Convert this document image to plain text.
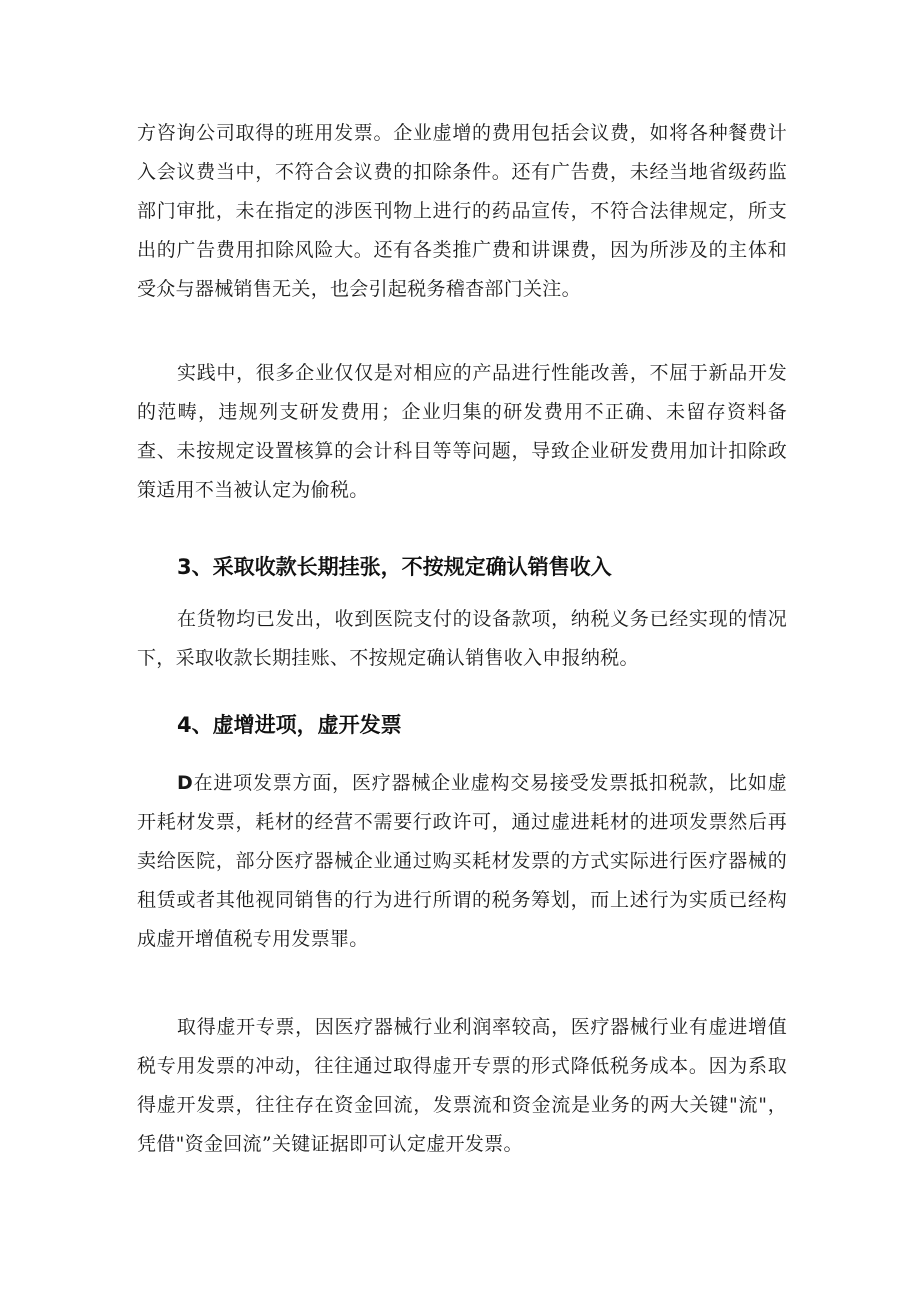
方咨询公司取得的班用发票。企业虚增的费用包括会议费，如将各种餐费计入会议费当中，不符合会议费的扣除条件。还有广告费，未经当地省级药监部门审批，未在指定的涉医刊物上进行的药品宣传，不符合法律规定，所支出的广告费用扣除风险大。还有各类推广费和讲课费，因为所涉及的主体和受众与器械销售无关，也会引起税务稽杳部门关注。

实践中，很多企业仅仅是对相应的产品进行性能改善，不屈于新品开发的范畴，违规列支研发费用；企业归集的研发费用不正确、未留存资料备查、未按规定设置核算的会计科目等等问题，导致企业研发费用加计扣除政策适用不当被认定为偷税。

3、采取收款长期挂张，不按规定确认销售收入

在货物均已发出，收到医院支付的设备款项，纳税义务已经实现的情况下，采取收款长期挂账、不按规定确认销售收入申报纳税。

4、虚增进项，虚开发票

D在进项发票方面，医疗器械企业虚构交易接受发票抵扣税款，比如虚开耗材发票，耗材的经营不需要行政许可，通过虚进耗材的进项发票然后再卖给医院，部分医疗器械企业通过购买耗材发票的方式实际进行医疗器械的租赁或者其他视同销售的行为进行所谓的税务筹划，而上述行为实质已经构成虚开增值税专用发票罪。

取得虚开专票，因医疗器械行业利润率较高，医疗器械行业有虚进增值税专用发票的冲动，往往通过取得虚开专票的形式降低税务成本。因为系取得虚开发票，往往存在资金回流，发票流和资金流是业务的两大关键"流"，凭借"资金回流”关键证据即可认定虚开发票。
